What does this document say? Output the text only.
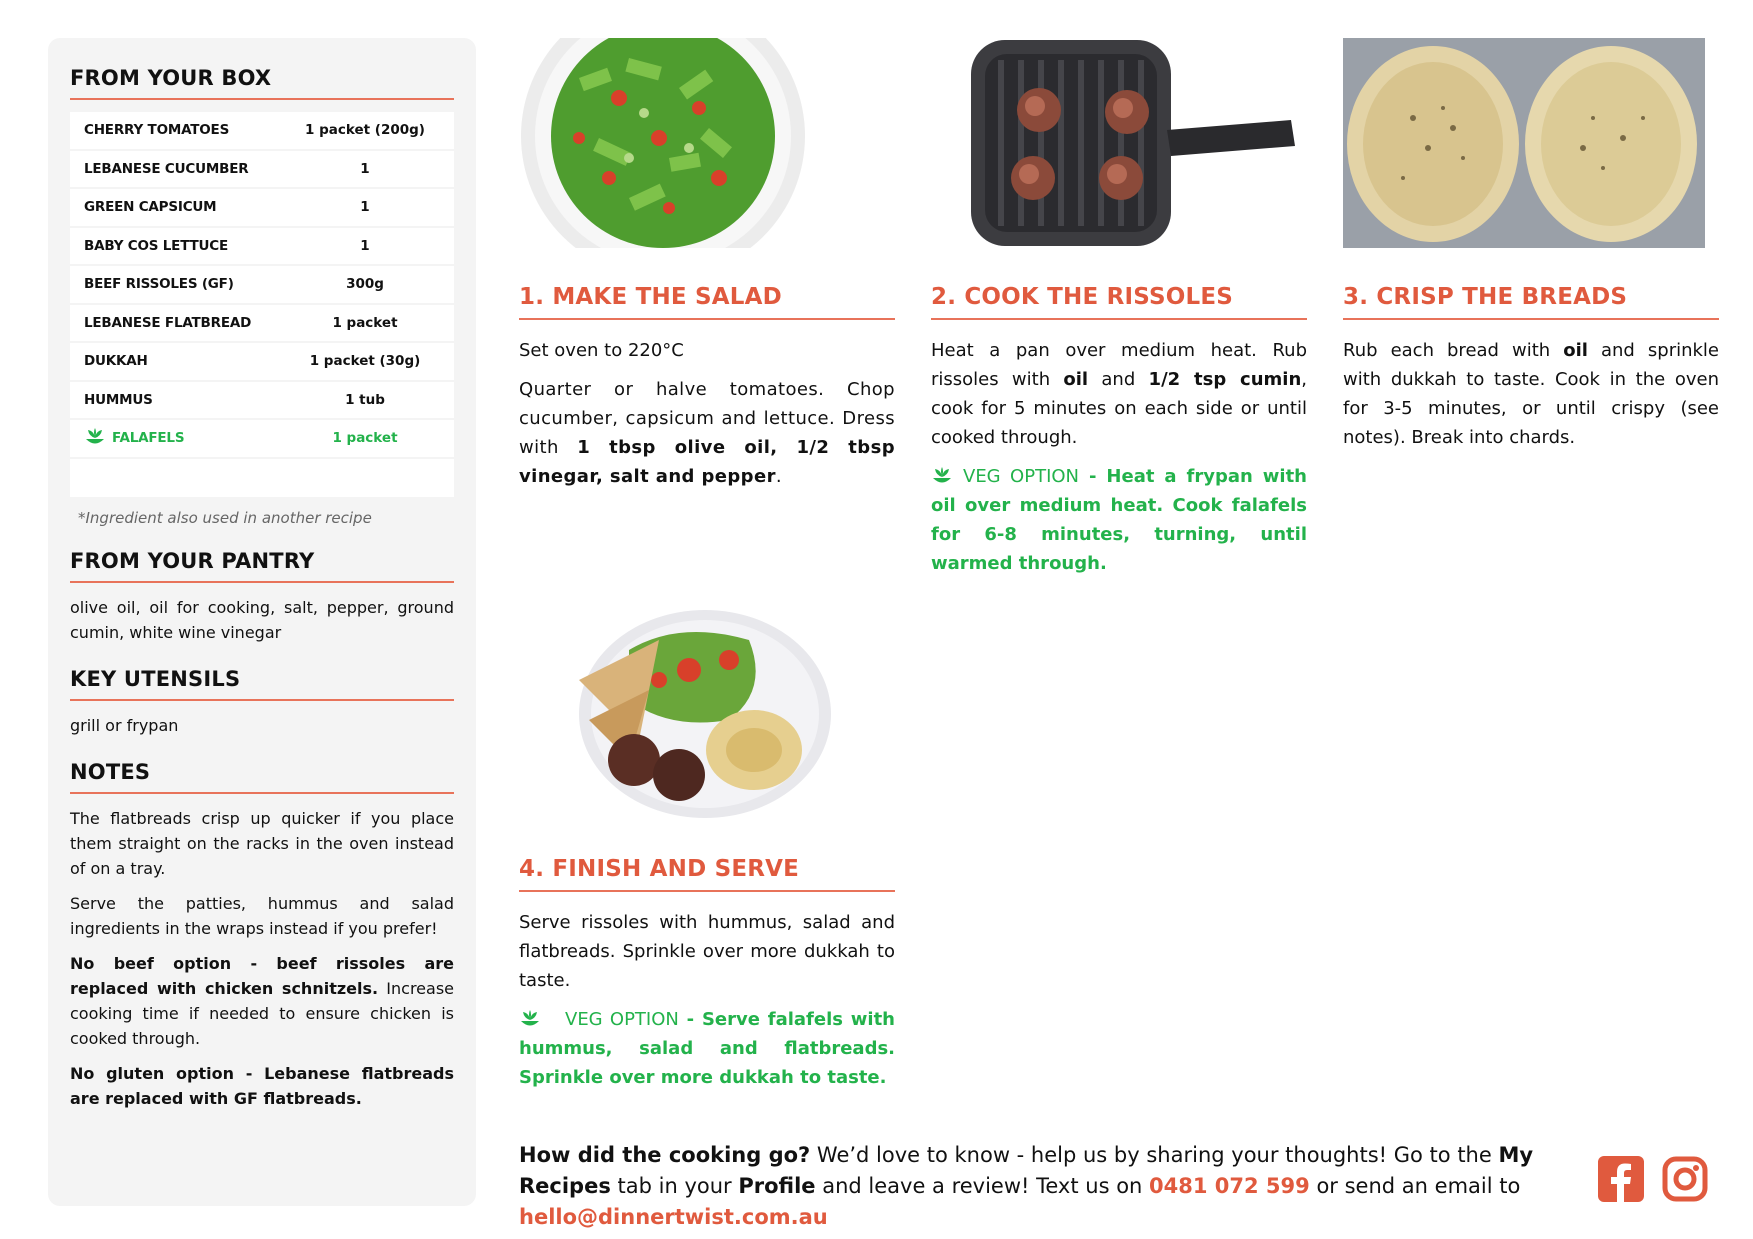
FROM YOUR BOX
CHERRY TOMATOES	1 packet (200g)
LEBANESE CUCUMBER	1
GREEN CAPSICUM	1
BABY COS LETTUCE	1
BEEF RISSOLES (GF)	300g
LEBANESE FLATBREAD	1 packet
DUKKAH	1 packet (30g)
HUMMUS	1 tub
FALAFELS	1 packet
*Ingredient also used in another recipe
FROM YOUR PANTRY
olive oil, oil for cooking, salt, pepper, ground cumin, white wine vinegar
KEY UTENSILS
grill or frypan
NOTES
The flatbreads crisp up quicker if you place them straight on the racks in the oven instead of on a tray.
Serve the patties, hummus and salad ingredients in the wraps instead if you prefer!
No beef option - beef rissoles are replaced with chicken schnitzels. Increase cooking time if needed to ensure chicken is cooked through.
No gluten option - Lebanese flatbreads are replaced with GF flatbreads.
1. MAKE THE SALAD
Set oven to 220°C
Quarter or halve tomatoes. Chop cucumber, capsicum and lettuce. Dress with 1 tbsp olive oil, 1/2 tbsp vinegar, salt and pepper.
2. COOK THE RISSOLES
Heat a pan over medium heat. Rub rissoles with oil and 1/2 tsp cumin, cook for 5 minutes on each side or until cooked through.
VEG OPTION - Heat a frypan with oil over medium heat. Cook falafels for 6-8 minutes, turning, until warmed through.
3. CRISP THE BREADS
Rub each bread with oil and sprinkle with dukkah to taste. Cook in the oven for 3-5 minutes, or until crispy (see notes). Break into chards.
4. FINISH AND SERVE
Serve rissoles with hummus, salad and flatbreads. Sprinkle over more dukkah to taste.
VEG OPTION - Serve falafels with hummus, salad and flatbreads. Sprinkle over more dukkah to taste.
How did the cooking go? We’d love to know - help us by sharing your thoughts! Go to the My Recipes tab in your Profile and leave a review! Text us on 0481 072 599 or send an email to hello@dinnertwist.com.au
